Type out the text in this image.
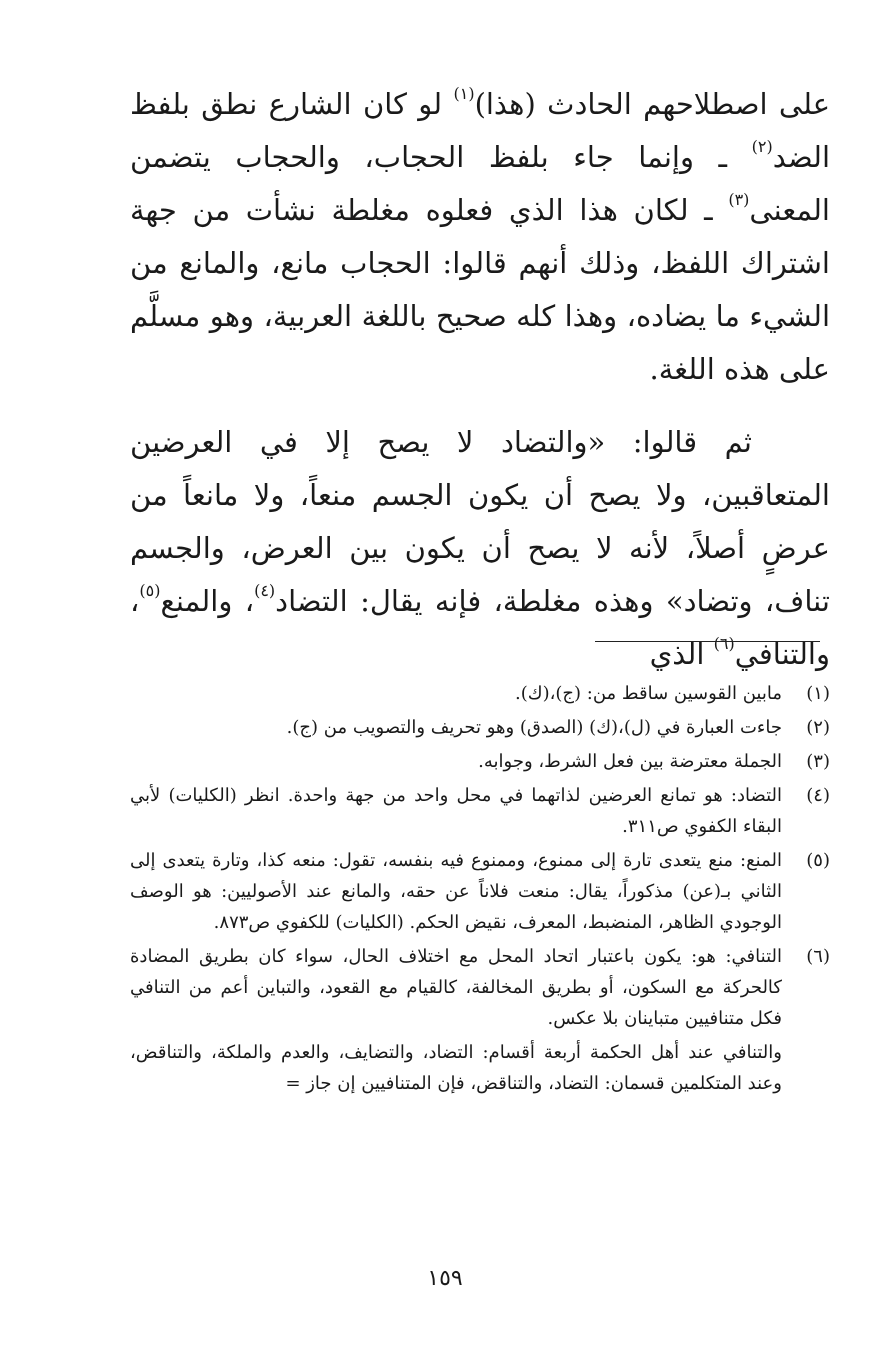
على اصطلاحهم الحادث (هذا)$^{(١)}$ لو كان الشارع نطق بلفظ الضد$^{(٢)}$ ـ وإنما جاء بلفظ الحجاب، والحجاب يتضمن المعنى$^{(٣)}$ ـ لكان هذا الذي فعلوه مغلطة نشأت من جهة اشتراك اللفظ، وذلك أنهم قالوا: الحجاب مانع، والمانع من الشيء ما يضاده، وهذا كله صحيح باللغة العربية، وهو مسلَّم على هذه اللغة.

ثم قالوا: «والتضاد لا يصح إلا في العرضين المتعاقبين، ولا يصح أن يكون الجسم منعاً، ولا مانعاً من عرضٍ أصلاً، لأنه لا يصح أن يكون بين العرض، والجسم تناف، وتضاد» وهذه مغلطة، فإنه يقال: التضاد$^{(٤)}$، والمنع$^{(٥)}$، والتنافي$^{(٦)}$ الذي

(١)
مابين القوسين ساقط من: (ج)،(ك).
(٢)
جاءت العبارة في (ل)،(ك) (الصدق) وهو تحريف والتصويب من (ج).
(٣)
الجملة معترضة بين فعل الشرط، وجوابه.
(٤)
التضاد: هو تمانع العرضين لذاتهما في محل واحد من جهة واحدة. انظر (الكليات) لأبي البقاء الكفوي ص٣١١.
(٥)
المنع: منع يتعدى تارة إلى ممنوع، وممنوع فيه بنفسه، تقول: منعه كذا، وتارة يتعدى إلى الثاني بـ(عن) مذكوراً، يقال: منعت فلاناً عن حقه، والمانع عند الأصوليين: هو الوصف الوجودي الظاهر، المنضبط، المعرف، نقيض الحكم. (الكليات) للكفوي ص٨٧٣.
(٦)
التنافي: هو: يكون باعتبار اتحاد المحل مع اختلاف الحال، سواء كان بطريق المضادة كالحركة مع السكون، أو بطريق المخالفة، كالقيام مع القعود، والتباين أعم من التنافي فكل متنافيين متباينان بلا عكس.
والتنافي عند أهل الحكمة أربعة أقسام: التضاد، والتضايف، والعدم والملكة، والتناقض، وعند المتكلمين قسمان: التضاد، والتناقض، فإن المتنافيين إن جاز =
١٥٩
